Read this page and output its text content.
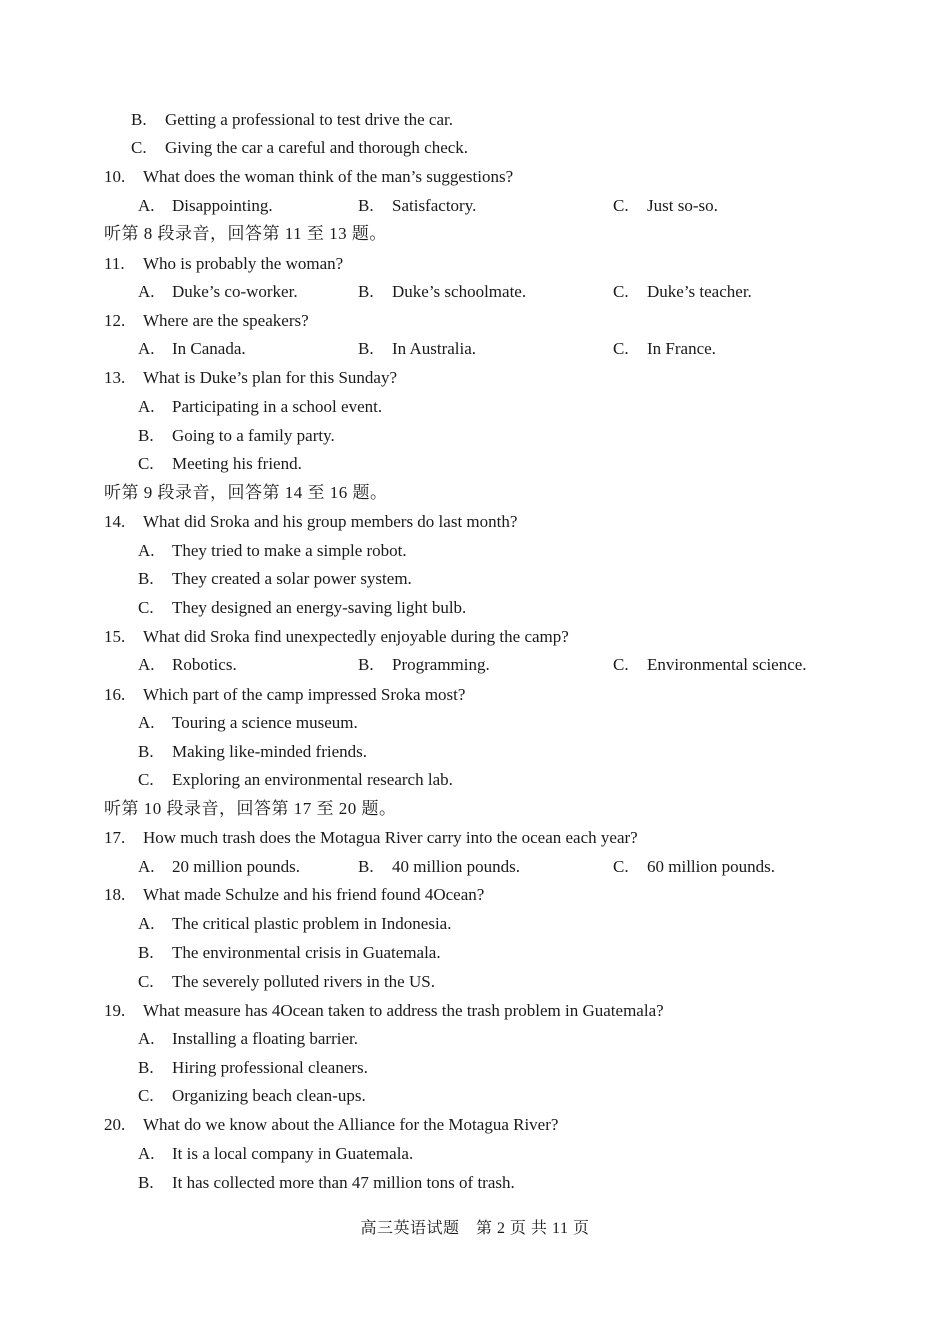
B. Getting a professional to test drive the car.
C. Giving the car a careful and thorough check.
10. What does the woman think of the man’s suggestions?
A. Disappointing.	B. Satisfactory.	C. Just so-so.
听第 8 段录音，回答第 11 至 13 题。
11. Who is probably the woman?
A. Duke’s co-worker.	B. Duke’s schoolmate.	C. Duke’s teacher.
12. Where are the speakers?
A. In Canada.	B. In Australia.	C. In France.
13. What is Duke’s plan for this Sunday?
A. Participating in a school event.
B. Going to a family party.
C. Meeting his friend.
听第 9 段录音，回答第 14 至 16 题。
14. What did Sroka and his group members do last month?
A. They tried to make a simple robot.
B. They created a solar power system.
C. They designed an energy-saving light bulb.
15. What did Sroka find unexpectedly enjoyable during the camp?
A. Robotics.	B. Programming.	C. Environmental science.
16. Which part of the camp impressed Sroka most?
A. Touring a science museum.
B. Making like-minded friends.
C. Exploring an environmental research lab.
听第 10 段录音，回答第 17 至 20 题。
17. How much trash does the Motagua River carry into the ocean each year?
A. 20 million pounds.	B. 40 million pounds.	C. 60 million pounds.
18. What made Schulze and his friend found 4Ocean?
A. The critical plastic problem in Indonesia.
B. The environmental crisis in Guatemala.
C. The severely polluted rivers in the US.
19. What measure has 4Ocean taken to address the trash problem in Guatemala?
A. Installing a floating barrier.
B. Hiring professional cleaners.
C. Organizing beach clean-ups.
20. What do we know about the Alliance for the Motagua River?
A. It is a local company in Guatemala.
B. It has collected more than 47 million tons of trash.
高三英语试题　第 2 页 共 11 页
